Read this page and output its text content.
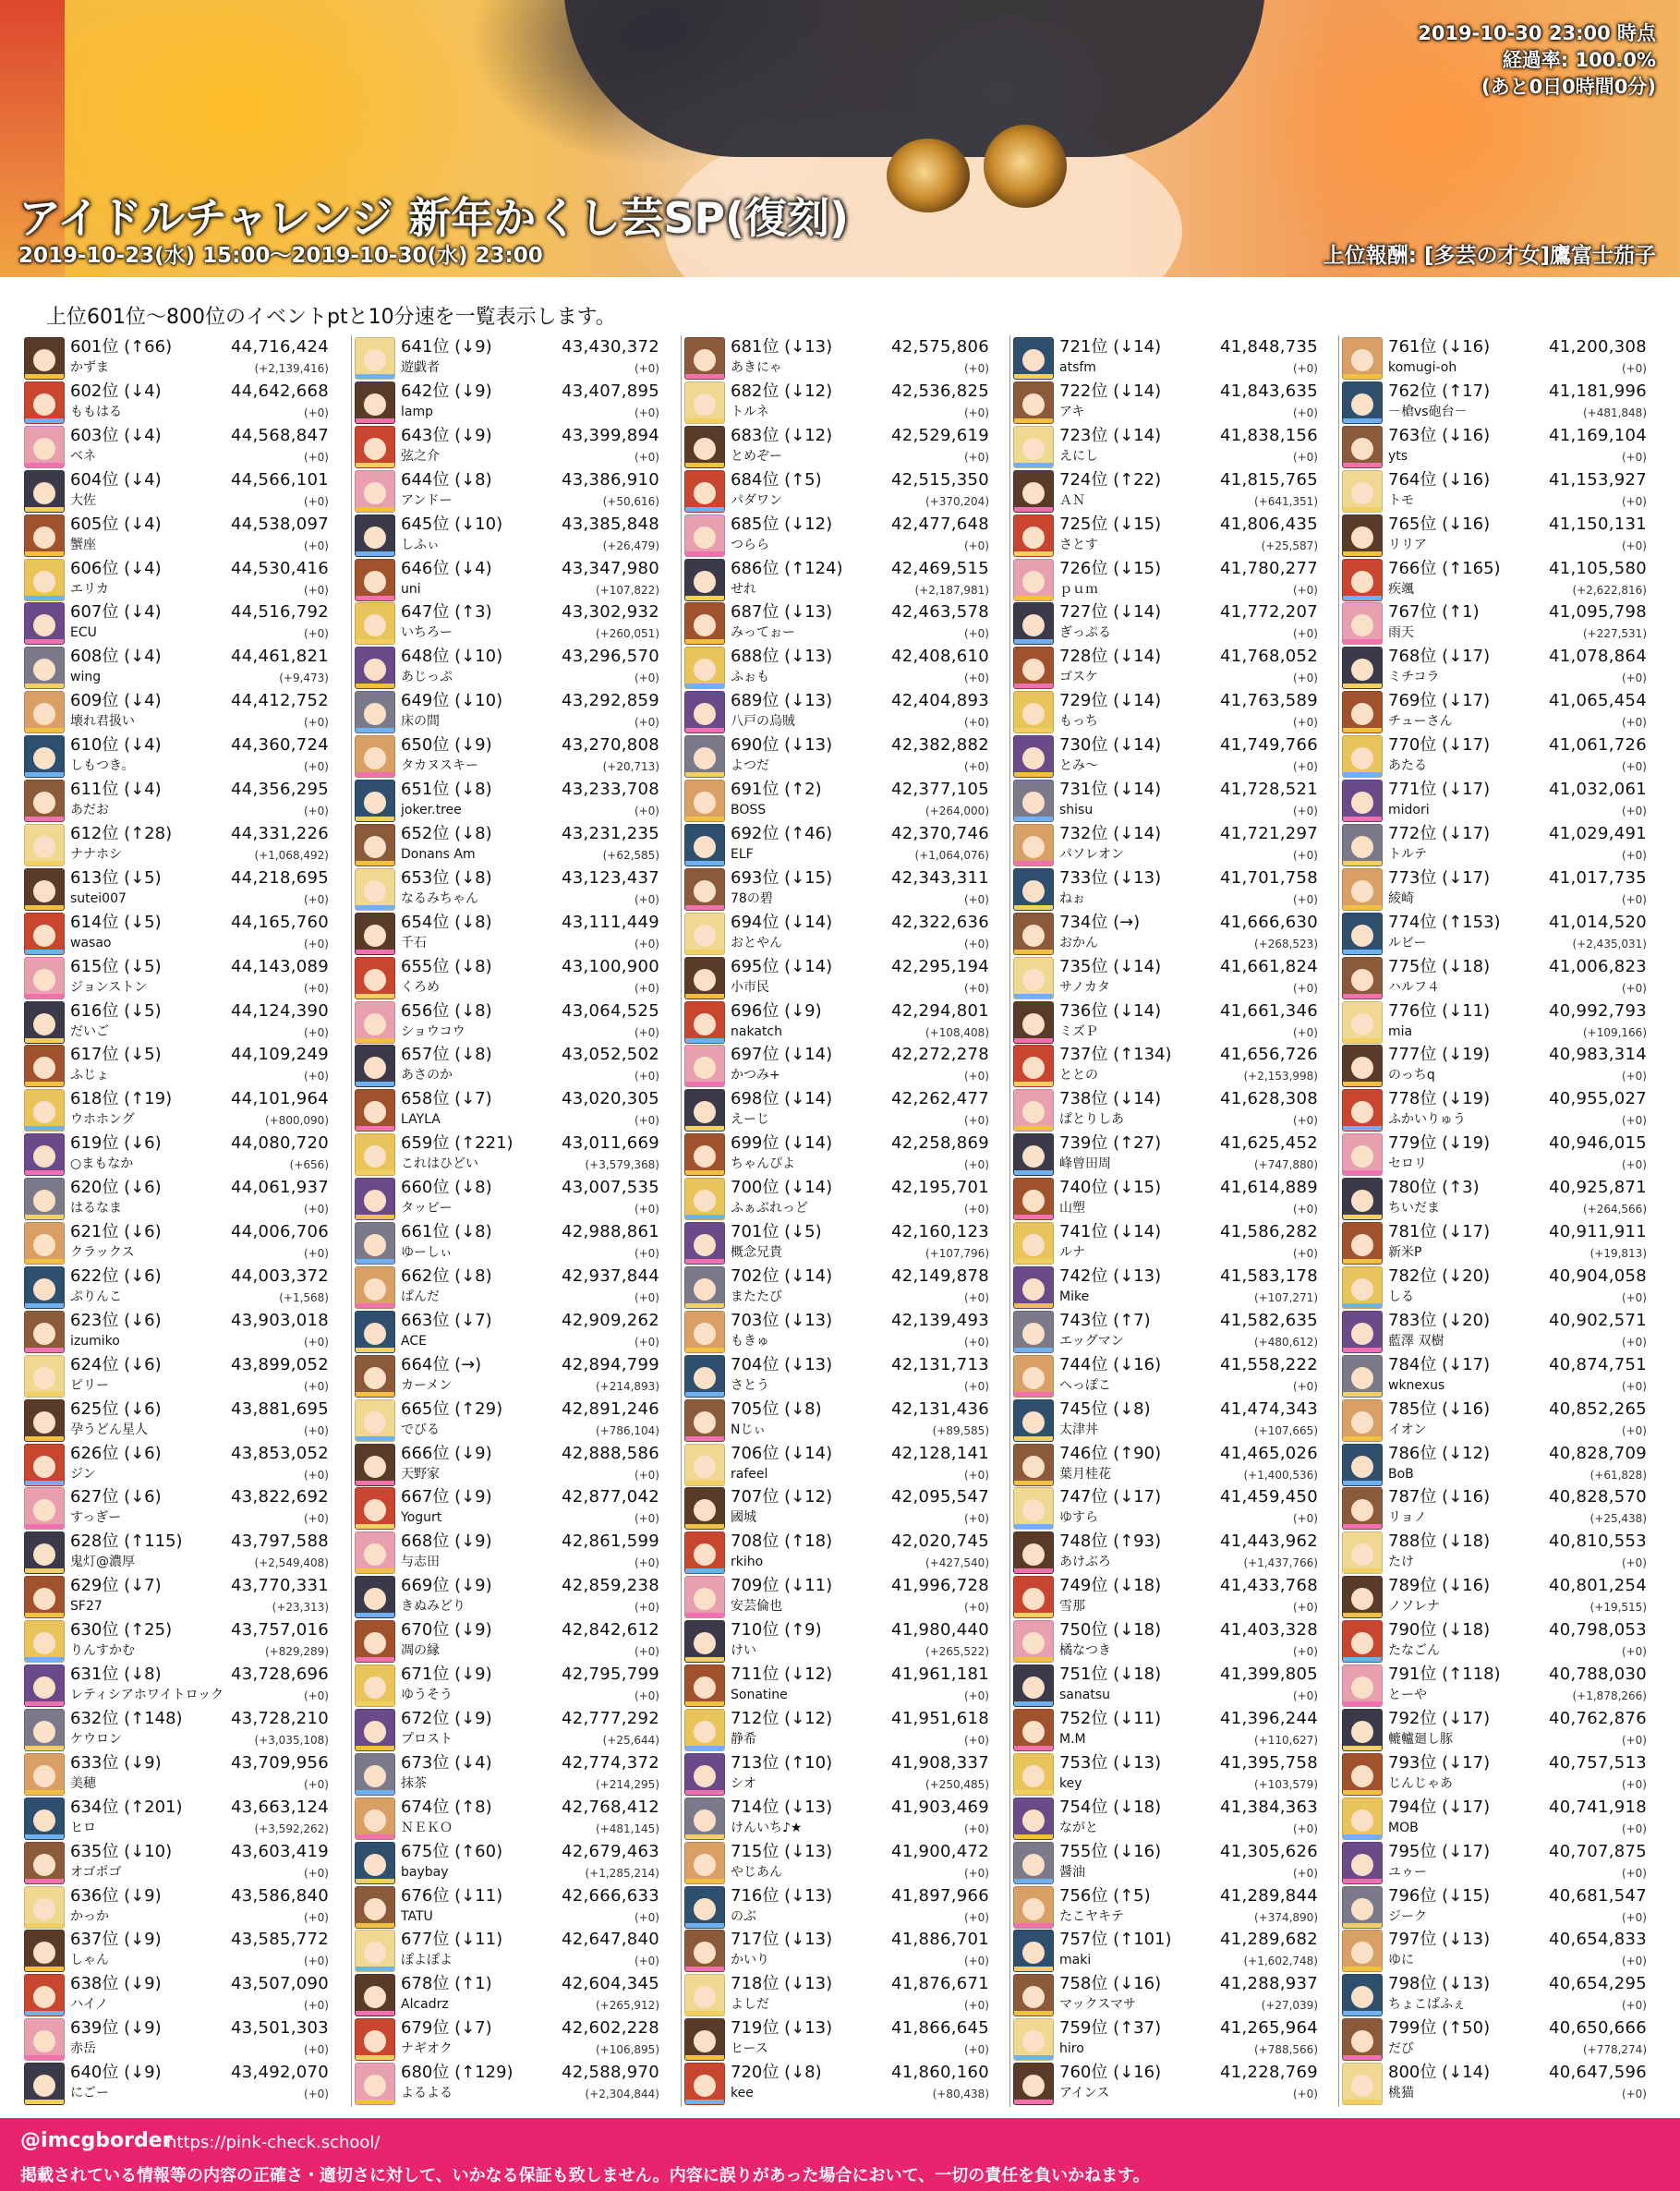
2019-10-30 23:00 時点
経過率: 100.0%
(あと0日0時間0分)
アイドルチャレンジ 新年かくし芸SP(復刻)
2019-10-23(水) 15:00～2019-10-30(水) 23:00	上位報酬: [多芸の才女]鷹富士茄子
上位601位～800位のイベントptと10分速を一覧表示します。
601位 (↑66)	44,716,424
かずま	(+2,139,416)
602位 (↓4)	44,642,668
ももはる	(+0)
603位 (↓4)	44,568,847
ベネ	(+0)
604位 (↓4)	44,566,101
大佐	(+0)
605位 (↓4)	44,538,097
蟹座	(+0)
606位 (↓4)	44,530,416
エリカ	(+0)
607位 (↓4)	44,516,792
ECU	(+0)
608位 (↓4)	44,461,821
wing	(+9,473)
609位 (↓4)	44,412,752
壊れ君扱い	(+0)
610位 (↓4)	44,360,724
しもつき。	(+0)
611位 (↓4)	44,356,295
あだお	(+0)
612位 (↑28)	44,331,226
ナナホシ	(+1,068,492)
613位 (↓5)	44,218,695
sutei007	(+0)
614位 (↓5)	44,165,760
wasao	(+0)
615位 (↓5)	44,143,089
ジョンストン	(+0)
616位 (↓5)	44,124,390
だいご	(+0)
617位 (↓5)	44,109,249
ふじょ	(+0)
618位 (↑19)	44,101,964
ウホホング	(+800,090)
619位 (↓6)	44,080,720
○まもなか	(+656)
620位 (↓6)	44,061,937
はるなま	(+0)
621位 (↓6)	44,006,706
クラックス	(+0)
622位 (↓6)	44,003,372
ぷりんこ	(+1,568)
623位 (↓6)	43,903,018
izumiko	(+0)
624位 (↓6)	43,899,052
ピリー	(+0)
625位 (↓6)	43,881,695
孕うどん星人	(+0)
626位 (↓6)	43,853,052
ジン	(+0)
627位 (↓6)	43,822,692
すっぎー	(+0)
628位 (↑115)	43,797,588
鬼灯@濃厚	(+2,549,408)
629位 (↓7)	43,770,331
SF27	(+23,313)
630位 (↑25)	43,757,016
りんすかむ	(+829,289)
631位 (↓8)	43,728,696
レティシアホワイトロック	(+0)
632位 (↑148)	43,728,210
ケウロン	(+3,035,108)
633位 (↓9)	43,709,956
美穂	(+0)
634位 (↑201)	43,663,124
ヒロ	(+3,592,262)
635位 (↓10)	43,603,419
オゴポゴ	(+0)
636位 (↓9)	43,586,840
かっか	(+0)
637位 (↓9)	43,585,772
しゃん	(+0)
638位 (↓9)	43,507,090
ハイノ	(+0)
639位 (↓9)	43,501,303
赤岳	(+0)
640位 (↓9)	43,492,070
にごー	(+0)
641位 (↓9)	43,430,372
遊戯者	(+0)
642位 (↓9)	43,407,895
lamp	(+0)
643位 (↓9)	43,399,894
弦之介	(+0)
644位 (↓8)	43,386,910
アンドー	(+50,616)
645位 (↓10)	43,385,848
しふぃ	(+26,479)
646位 (↓4)	43,347,980
uni	(+107,822)
647位 (↑3)	43,302,932
いちろー	(+260,051)
648位 (↓10)	43,296,570
あじっぷ	(+0)
649位 (↓10)	43,292,859
床の間	(+0)
650位 (↓9)	43,270,808
タカヌスキー	(+20,713)
651位 (↓8)	43,233,708
joker.tree	(+0)
652位 (↓8)	43,231,235
Donans Am	(+62,585)
653位 (↓8)	43,123,437
なるみちゃん	(+0)
654位 (↓8)	43,111,449
千石	(+0)
655位 (↓8)	43,100,900
くろめ	(+0)
656位 (↓8)	43,064,525
ショウコウ	(+0)
657位 (↓8)	43,052,502
あさのか	(+0)
658位 (↓7)	43,020,305
LAYLA	(+0)
659位 (↑221)	43,011,669
これはひどい	(+3,579,368)
660位 (↓8)	43,007,535
タッピー	(+0)
661位 (↓8)	42,988,861
ゆーしぃ	(+0)
662位 (↓8)	42,937,844
ぱんだ	(+0)
663位 (↓7)	42,909,262
ACE	(+0)
664位 (→)	42,894,799
カーメン	(+214,893)
665位 (↑29)	42,891,246
でびる	(+786,104)
666位 (↓9)	42,888,586
天野家	(+0)
667位 (↓9)	42,877,042
Yogurt	(+0)
668位 (↓9)	42,861,599
与志田	(+0)
669位 (↓9)	42,859,238
きぬみどり	(+0)
670位 (↓9)	42,842,612
凋の縁	(+0)
671位 (↓9)	42,795,799
ゆうそう	(+0)
672位 (↓9)	42,777,292
プロスト	(+25,644)
673位 (↓4)	42,774,372
抹茶	(+214,295)
674位 (↑8)	42,768,412
ＮＥＫＯ	(+481,145)
675位 (↑60)	42,679,463
baybay	(+1,285,214)
676位 (↓11)	42,666,633
TATU	(+0)
677位 (↓11)	42,647,840
ぽよぽよ	(+0)
678位 (↑1)	42,604,345
Alcadrz	(+265,912)
679位 (↓7)	42,602,228
ナギオク	(+106,895)
680位 (↑129)	42,588,970
よるよる	(+2,304,844)
681位 (↓13)	42,575,806
あきにゃ	(+0)
682位 (↓12)	42,536,825
トルネ	(+0)
683位 (↓12)	42,529,619
とめぞー	(+0)
684位 (↑5)	42,515,350
パダワン	(+370,204)
685位 (↓12)	42,477,648
つらら	(+0)
686位 (↑124)	42,469,515
せれ	(+2,187,981)
687位 (↓13)	42,463,578
みってぉー	(+0)
688位 (↓13)	42,408,610
ふぉも	(+0)
689位 (↓13)	42,404,893
八戸の烏賊	(+0)
690位 (↓13)	42,382,882
よつだ	(+0)
691位 (↑2)	42,377,105
BOSS	(+264,000)
692位 (↑46)	42,370,746
ELF	(+1,064,076)
693位 (↓15)	42,343,311
78の碧	(+0)
694位 (↓14)	42,322,636
おとやん	(+0)
695位 (↓14)	42,295,194
小市民	(+0)
696位 (↓9)	42,294,801
nakatch	(+108,408)
697位 (↓14)	42,272,278
かつみ+	(+0)
698位 (↓14)	42,262,477
えーじ	(+0)
699位 (↓14)	42,258,869
ちゃんぴよ	(+0)
700位 (↓14)	42,195,701
ふぁぶれっど	(+0)
701位 (↓5)	42,160,123
概念兄貴	(+107,796)
702位 (↓14)	42,149,878
またたび	(+0)
703位 (↓13)	42,139,493
もきゅ	(+0)
704位 (↓13)	42,131,713
さとう	(+0)
705位 (↓8)	42,131,436
Nじぃ	(+89,585)
706位 (↓14)	42,128,141
rafeel	(+0)
707位 (↓12)	42,095,547
國城	(+0)
708位 (↑18)	42,020,745
rkiho	(+427,540)
709位 (↓11)	41,996,728
安芸倫也	(+0)
710位 (↑9)	41,980,440
けい	(+265,522)
711位 (↓12)	41,961,181
Sonatine	(+0)
712位 (↓12)	41,951,618
静希	(+0)
713位 (↑10)	41,908,337
シオ	(+250,485)
714位 (↓13)	41,903,469
けんいち♪★	(+0)
715位 (↓13)	41,900,472
やじあん	(+0)
716位 (↓13)	41,897,966
のぶ	(+0)
717位 (↓13)	41,886,701
かいり	(+0)
718位 (↓13)	41,876,671
よしだ	(+0)
719位 (↓13)	41,866,645
ヒース	(+0)
720位 (↓8)	41,860,160
kee	(+80,438)
721位 (↓14)	41,848,735
atsfm	(+0)
722位 (↓14)	41,843,635
アキ	(+0)
723位 (↓14)	41,838,156
えにし	(+0)
724位 (↑22)	41,815,765
ＡＮ	(+641,351)
725位 (↓15)	41,806,435
さとす	(+25,587)
726位 (↓15)	41,780,277
ｐｕｍ	(+0)
727位 (↓14)	41,772,207
ぎっぷる	(+0)
728位 (↓14)	41,768,052
ゴスケ	(+0)
729位 (↓14)	41,763,589
もっち	(+0)
730位 (↓14)	41,749,766
とみ～	(+0)
731位 (↓14)	41,728,521
shisu	(+0)
732位 (↓14)	41,721,297
パソレオン	(+0)
733位 (↓13)	41,701,758
ねぉ	(+0)
734位 (→)	41,666,630
おかん	(+268,523)
735位 (↓14)	41,661,824
サノカタ	(+0)
736位 (↓14)	41,661,346
ミズＰ	(+0)
737位 (↑134)	41,656,726
ととの	(+2,153,998)
738位 (↓14)	41,628,308
ぱとりしあ	(+0)
739位 (↑27)	41,625,452
峰曾田周	(+747,880)
740位 (↓15)	41,614,889
山塑	(+0)
741位 (↓14)	41,586,282
ルナ	(+0)
742位 (↓13)	41,583,178
Mike	(+107,271)
743位 (↑7)	41,582,635
エッグマン	(+480,612)
744位 (↓16)	41,558,222
へっぽこ	(+0)
745位 (↓8)	41,474,343
太津丼	(+107,665)
746位 (↑90)	41,465,026
葉月桂花	(+1,400,536)
747位 (↓17)	41,459,450
ゆすら	(+0)
748位 (↑93)	41,443,962
あけぶろ	(+1,437,766)
749位 (↓18)	41,433,768
雪那	(+0)
750位 (↓18)	41,403,328
橘なつき	(+0)
751位 (↓18)	41,399,805
sanatsu	(+0)
752位 (↓11)	41,396,244
M.M	(+110,627)
753位 (↓13)	41,395,758
key	(+103,579)
754位 (↓18)	41,384,363
ながと	(+0)
755位 (↓16)	41,305,626
醤油	(+0)
756位 (↑5)	41,289,844
たこヤキテ	(+374,890)
757位 (↑101)	41,289,682
maki	(+1,602,748)
758位 (↓16)	41,288,937
マックスマサ	(+27,039)
759位 (↑37)	41,265,964
hiro	(+788,566)
760位 (↓16)	41,228,769
アインス	(+0)
761位 (↓16)	41,200,308
komugi-oh	(+0)
762位 (↑17)	41,181,996
－槍vs砲台－	(+481,848)
763位 (↓16)	41,169,104
yts	(+0)
764位 (↓16)	41,153,927
トモ	(+0)
765位 (↓16)	41,150,131
リリア	(+0)
766位 (↑165)	41,105,580
疾颯	(+2,622,816)
767位 (↑1)	41,095,798
雨天	(+227,531)
768位 (↓17)	41,078,864
ミチコラ	(+0)
769位 (↓17)	41,065,454
チューさん	(+0)
770位 (↓17)	41,061,726
あたる	(+0)
771位 (↓17)	41,032,061
midori	(+0)
772位 (↓17)	41,029,491
トルテ	(+0)
773位 (↓17)	41,017,735
綾崎	(+0)
774位 (↑153)	41,014,520
ルビー	(+2,435,031)
775位 (↓18)	41,006,823
ハルフ４	(+0)
776位 (↓11)	40,992,793
mia	(+109,166)
777位 (↓19)	40,983,314
のっちq	(+0)
778位 (↓19)	40,955,027
ふかいりゅう	(+0)
779位 (↓19)	40,946,015
セロリ	(+0)
780位 (↑3)	40,925,871
ちいだま	(+264,566)
781位 (↓17)	40,911,911
新米P	(+19,813)
782位 (↓20)	40,904,058
しる	(+0)
783位 (↓20)	40,902,571
藍澤 双樹	(+0)
784位 (↓17)	40,874,751
wknexus	(+0)
785位 (↓16)	40,852,265
イオン	(+0)
786位 (↓12)	40,828,709
BoB	(+61,828)
787位 (↓16)	40,828,570
リョノ	(+25,438)
788位 (↓18)	40,810,553
たけ	(+0)
789位 (↓16)	40,801,254
ノソレナ	(+19,515)
790位 (↓18)	40,798,053
たなごん	(+0)
791位 (↑118)	40,788,030
とーや	(+1,878,266)
792位 (↓17)	40,762,876
轆轤廻し豚	(+0)
793位 (↓17)	40,757,513
じんじゃあ	(+0)
794位 (↓17)	40,741,918
MOB	(+0)
795位 (↓17)	40,707,875
ユゥー	(+0)
796位 (↓15)	40,681,547
ジーク	(+0)
797位 (↓13)	40,654,833
ゆに	(+0)
798位 (↓13)	40,654,295
ちょこぱふぇ	(+0)
799位 (↑50)	40,650,666
だび	(+778,274)
800位 (↓14)	40,647,596
桃猫	(+0)
@imcgborder
https://pink-check.school/
掲載されている情報等の内容の正確さ・適切さに対して、いかなる保証も致しません。内容に誤りがあった場合において、一切の責任を負いかねます。
